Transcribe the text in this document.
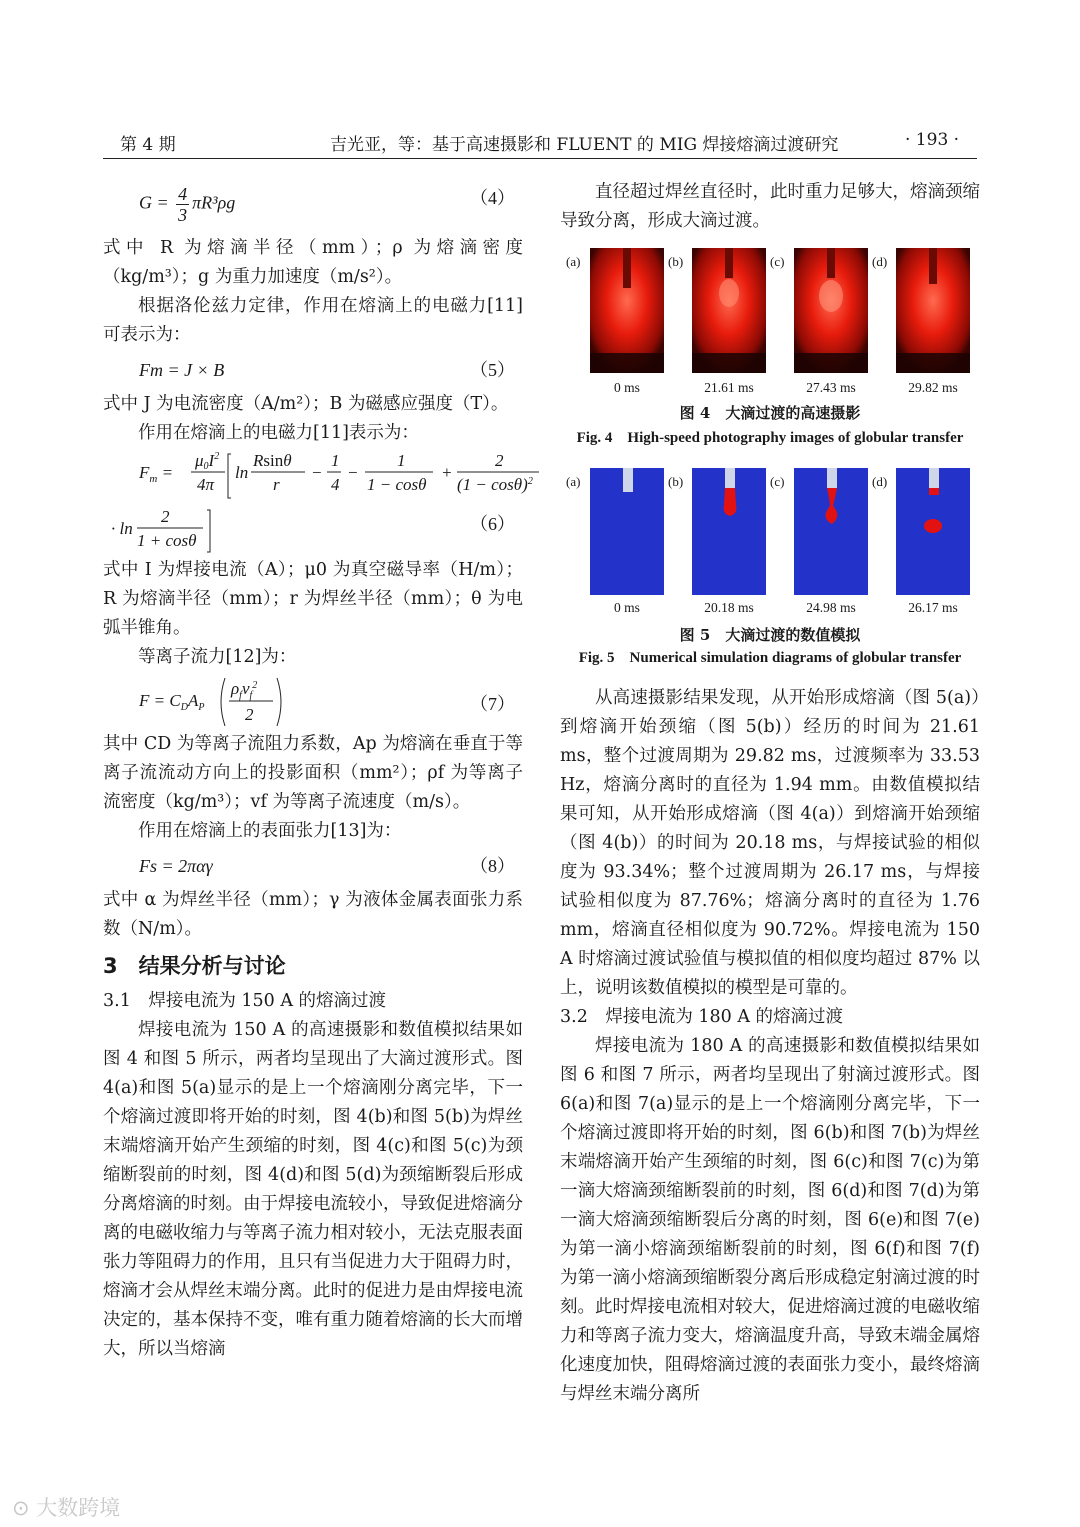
第 4 期	吉光亚，等：基于高速摄影和 FLUENT 的 MIG 焊接熔滴过渡研究	· 193 ·
$G = \frac{4}{3} \pi R^3\rho g$	（4）

式中 R 为熔滴半径（mm）；ρ 为熔滴密度（kg/m³）；g 为重力加速度（m/s²）。

根据洛伦兹力定律，作用在熔滴上的电磁力[11]可表示为：

Fm = J × B	（5）

式中 J 为电流密度（A/m²）；B 为磁感应强度（T）。

作用在熔滴上的电磁力[11]表示为：

$F_m$ =
$\mu 0I^2$
4π
ln
Rsinθ
r
−
1
4
−
1
1 − cosθ
+
2
$(1 - \cos\theta)^2$
· ln
2
1 + cosθ
（6）

式中 I 为焊接电流（A）；μ0 为真空磁导率（H/m）；R 为熔滴半径（mm）；r 为焊丝半径（mm）；θ 为电弧半锥角。

等离子流力[12]为：

$F = C_DA_P$
$\rho_fv_f^2$
2
（7）

其中 CD 为等离子流阻力系数，Ap 为熔滴在垂直于等离子流流动方向上的投影面积（mm²）；ρf 为等离子流密度（kg/m³）；vf 为等离子流速度（m/s）。

作用在熔滴上的表面张力[13]为：

Fs = 2παγ	（8）

式中 α 为焊丝半径（mm）；γ 为液体金属表面张力系数（N/m）。

3　结果分析与讨论

3.1　焊接电流为 150 A 的熔滴过渡

焊接电流为 150 A 的高速摄影和数值模拟结果如图 4 和图 5 所示，两者均呈现出了大滴过渡形式。图 4(a)和图 5(a)显示的是上一个熔滴刚分离完毕，下一个熔滴过渡即将开始的时刻，图 4(b)和图 5(b)为焊丝末端熔滴开始产生颈缩的时刻，图 4(c)和图 5(c)为颈缩断裂前的时刻，图 4(d)和图 5(d)为颈缩断裂后形成分离熔滴的时刻。由于焊接电流较小，导致促进熔滴分离的电磁收缩力与等离子流力相对较小，无法克服表面张力等阻碍力的作用，且只有当促进力大于阻碍力时，熔滴才会从焊丝末端分离。此时的促进力是由焊接电流决定的，基本保持不变，唯有重力随着熔滴的长大而增大，所以当熔滴

直径超过焊丝直径时，此时重力足够大，熔滴颈缩导致分离，形成大滴过渡。

(a)	(b)	(c)	(d)
0 ms	21.61 ms	27.43 ms	29.82 ms
图 4　大滴过渡的高速摄影
Fig. 4　High-speed photography images of globular transfer
(a)	(b)	(c)	(d)
0 ms	20.18 ms	24.98 ms	26.17 ms
图 5　大滴过渡的数值模拟
Fig. 5　Numerical simulation diagrams of globular transfer

从高速摄影结果发现，从开始形成熔滴（图 5(a)）到熔滴开始颈缩（图 5(b)）经历的时间为 21.61 ms，整个过渡周期为 29.82 ms，过渡频率为 33.53 Hz，熔滴分离时的直径为 1.94 mm。由数值模拟结果可知，从开始形成熔滴（图 4(a)）到熔滴开始颈缩（图 4(b)）的时间为 20.18 ms，与焊接试验的相似度为 93.34%；整个过渡周期为 26.17 ms，与焊接试验相似度为 87.76%；熔滴分离时的直径为 1.76 mm，熔滴直径相似度为 90.72%。焊接电流为 150 A 时熔滴过渡试验值与模拟值的相似度均超过 87% 以上，说明该数值模拟的模型是可靠的。

3.2　焊接电流为 180 A 的熔滴过渡

焊接电流为 180 A 的高速摄影和数值模拟结果如图 6 和图 7 所示，两者均呈现出了射滴过渡形式。图 6(a)和图 7(a)显示的是上一个熔滴刚分离完毕，下一个熔滴过渡即将开始的时刻，图 6(b)和图 7(b)为焊丝末端熔滴开始产生颈缩的时刻，图 6(c)和图 7(c)为第一滴大熔滴颈缩断裂前的时刻，图 6(d)和图 7(d)为第一滴大熔滴颈缩断裂后分离的时刻，图 6(e)和图 7(e)为第一滴小熔滴颈缩断裂前的时刻，图 6(f)和图 7(f)为第一滴小熔滴颈缩断裂分离后形成稳定射滴过渡的时刻。此时焊接电流相对较大，促进熔滴过渡的电磁收缩力和等离子流力变大，熔滴温度升高，导致末端金属熔化速度加快，阻碍熔滴过渡的表面张力变小，最终熔滴与焊丝末端分离所

⊙ 大数跨境
